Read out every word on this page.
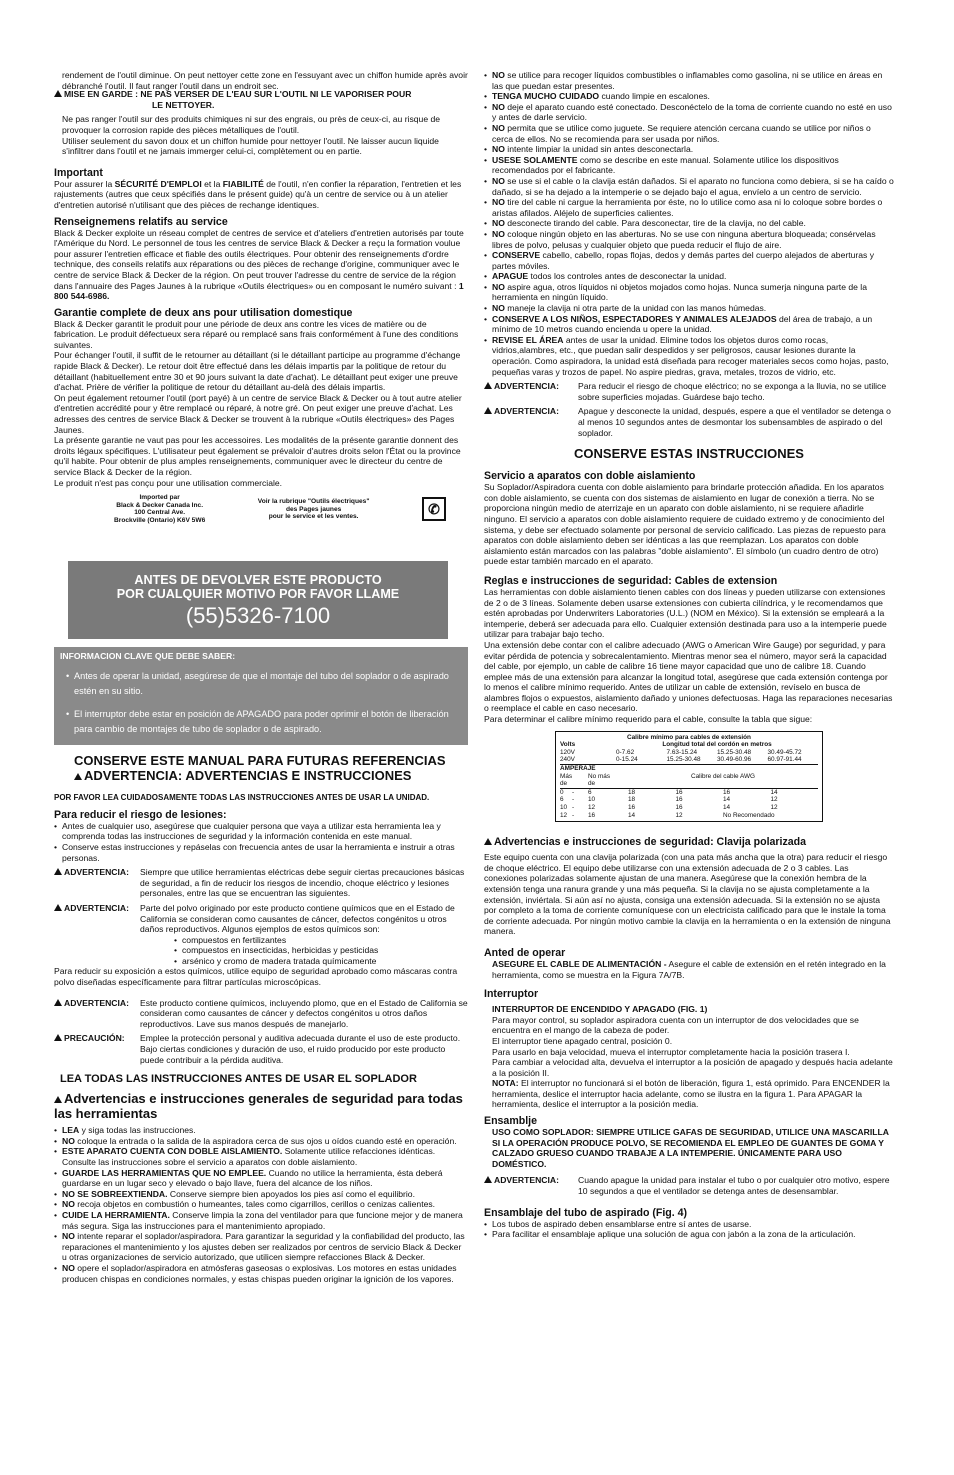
rendement de l'outil diminue. On peut nettoyer cette zone en l'essuyant avec un chiffon humide après avoir débranché l'outil. Il faut ranger l'outil dans un endroit sec.

MISE EN GARDE : NE PAS VERSER DE L'EAU SUR L'OUTIL NI LE VAPORISER POUR

LE NETTOYER.

Ne pas ranger l'outil sur des produits chimiques ni sur des engrais, ou près de ceux-ci, au risque de provoquer la corrosion rapide des pièces métalliques de l'outil.

Utiliser seulement du savon doux et un chiffon humide pour nettoyer l'outil. Ne laisser aucun liquide s'infiltrer dans l'outil et ne jamais immerger celui-ci, complètement ou en partie.

Important

Pour assurer la SÉCURITÉ D'EMPLOI et la FIABILITÉ de l'outil, n'en confier la réparation, l'entretien et les rajustements (autres que ceux spécifiés dans le présent guide) qu'à un centre de service ou à un atelier d'entretien autorisé n'utilisant que des pièces de rechange identiques.

Renseignemens relatifs au service

Black & Decker exploite un réseau complet de centres de service et d'ateliers d'entretien autorisés par toute l'Amérique du Nord. Le personnel de tous les centres de service Black & Decker a reçu la formation voulue pour assurer l'entretien efficace et fiable des outils électriques. Pour obtenir des renseignements d'ordre technique, des conseils relatifs aux réparations ou des pièces de rechange d'origine, communiquer avec le centre de service Black & Decker de la région. On peut trouver l'adresse du centre de service de la région dans l'annuaire des Pages Jaunes à la rubrique «Outils électriques» ou en composant le numéro suivant : 1 800 544-6986.

Garantie complete de deux ans pour utilisation domestique

Black & Decker garantit le produit pour une période de deux ans contre les vices de matière ou de fabrication. Le produit défectueux sera réparé ou remplacé sans frais conformément à l'une des conditions suivantes.

Pour échanger l'outil, il suffit de le retourner au détaillant (si le détaillant participe au programme d'échange rapide Black & Decker). Le retour doit être effectué dans les délais impartis par la politique de retour du détaillant (habituellement entre 30 et 90 jours suivant la date d'achat). Le détaillant peut exiger une preuve d'achat. Prière de vérifier la politique de retour du détaillant au-delà des délais impartis.

On peut également retourner l'outil (port payé) à un centre de service Black & Decker ou à tout autre atelier d'entretien accrédité pour y être remplacé ou réparé, à notre gré. On peut exiger une preuve d'achat. Les adresses des centres de service Black & Decker se trouvent à la rubrique «Outils électriques» des Pages Jaunes.

La présente garantie ne vaut pas pour les accessoires. Les modalités de la présente garantie donnent des droits légaux spécifiques. L'utilisateur peut également se prévaloir d'autres droits selon l'État ou la province qu'il habite. Pour obtenir de plus amples renseignements, communiquer avec le directeur du centre de service Black & Decker de la région.

Le produit n'est pas conçu pour une utilisation commerciale.

Imported par
Black & Decker Canada Inc.
100 Central Ave.
Brockville (Ontario) K6V 5W6
Voir la rubrique "Outils électriques"
des Pages jaunes
pour le service et les ventes.
✆
ANTES DE DEVOLVER ESTE PRODUCTO
POR CUALQUIER MOTIVO POR FAVOR LLAME
(55)5326-7100
INFORMACION CLAVE QUE DEBE SABER:
• Antes de operar la unidad, asegúrese de que el montaje del tubo del soplador o de aspirado estén en su sitio.
• El interruptor debe estar en posición de APAGADO para poder oprimir el botón de liberación para cambio de montajes de tubo de soplador o de aspirado.
CONSERVE ESTE MANUAL PARA FUTURAS REFERENCIAS
ADVERTENCIA: ADVERTENCIAS E INSTRUCCIONES

POR FAVOR LEA CUIDADOSAMENTE TODAS LAS INSTRUCCIONES ANTES DE USAR LA UNIDAD.

Para reducir el riesgo de lesiones:

• Antes de cualquier uso, asegúrese que cualquier persona que vaya a utilizar esta herramienta lea y comprenda todas las instrucciones de seguridad y la información contenida en este manual.
• Conserve estas instrucciones y repáselas con frecuencia antes de usar la herramienta e instruir a otras personas.
ADVERTENCIA:	Siempre que utilice herramientas eléctricas debe seguir ciertas precauciones básicas de seguridad, a fin de reducir los riesgos de incendio, choque eléctrico y lesiones personales, entre las que se encuentran las siguientes.
ADVERTENCIA:	Parte del polvo originado por este producto contiene químicos que en el Estado de California se consideran como causantes de cáncer, defectos congénitos u otros daños reproductivos. Algunos ejemplos de estos químicos son:
• compuestos en fertilizantes
• compuestos en insecticidas, herbicidas y pesticidas
• arsénico y cromo de madera tratada químicamente

Para reducir su exposición a estos químicos, utilice equipo de seguridad aprobado como máscaras contra polvo diseñadas específicamente para filtrar partículas microscópicas.

ADVERTENCIA:	Este producto contiene químicos, incluyendo plomo, que en el Estado de California se consideran como causantes de cáncer y defectos congénitos u otros daños reproductivos. Lave sus manos después de manejarlo.
PRECAUCIÓN:	Emplee la protección personal y auditiva adecuada durante el uso de este producto. Bajo ciertas condiciones y duración de uso, el ruido producido por este producto puede contribuir a la pérdida auditiva.

LEA TODAS LAS INSTRUCCIONES ANTES DE USAR EL SOPLADOR

Advertencias e instrucciones generales de seguridad para todas las herramientas
• LEA y siga todas las instrucciones.
• NO coloque la entrada o la salida de la aspiradora cerca de sus ojos u oídos cuando esté en operación.
• ESTE APARATO CUENTA CON DOBLE AISLAMIENTO. Solamente utilice refacciones idénticas. Consulte las instrucciones sobre el servicio a aparatos con doble aislamiento.
• GUARDE LAS HERRAMIENTAS QUE NO EMPLEE. Cuando no utilice la herramienta, ésta deberá guardarse en un lugar seco y elevado o bajo llave, fuera del alcance de los niños.
• NO SE SOBREEXTIENDA. Conserve siempre bien apoyados los pies así como el equilibrio.
• NO recoja objetos en combustión o humeantes, tales como cigarrillos, cerillos o cenizas calientes.
• CUIDE LA HERRAMIENTA. Conserve limpia la zona del ventilador para que funcione mejor y de manera más segura. Siga las instrucciones para el mantenimiento apropiado.
• NO intente reparar el soplador/aspiradora. Para garantizar la seguridad y la confiabilidad del producto, las reparaciones el mantenimiento y los ajustes deben ser realizados por centros de servicio Black & Decker u otras organizaciones de servicio autorizado, que utilicen siempre refacciones Black & Decker.
• NO opere el soplador/aspiradora en atmósferas gaseosas o explosivas. Los motores en estas unidades producen chispas en condiciones normales, y estas chispas pueden originar la ignición de los vapores.
• NO se utilice para recoger líquidos combustibles o inflamables como gasolina, ni se utilice en áreas en las que puedan estar presentes.
• TENGA MUCHO CUIDADO cuando limpie en escalones.
• NO deje el aparato cuando esté conectado. Desconéctelo de la toma de corriente cuando no esté en uso y antes de darle servicio.
• NO permita que se utilice como juguete. Se requiere atención cercana cuando se utilice por niños o cerca de ellos. No se recomienda para ser usada por niños.
• NO intente limpiar la unidad sin antes desconectarla.
• USESE SOLAMENTE como se describe en este manual. Solamente utilice los dispositivos recomendados por el fabricante.
• NO se use si el cable o la clavija están dañados. Si el aparato no funciona como debiera, si se ha caído o dañado, si se ha dejado a la intemperie o se dejado bajo el agua, envíelo a un centro de servicio.
• NO tire del cable ni cargue la herramienta por éste, no lo utilice como asa ni lo coloque sobre bordes o aristas afilados. Aléjelo de superficies calientes.
• NO desconecte tirando del cable. Para desconectar, tire de la clavija, no del cable.
• NO coloque ningún objeto en las aberturas. No se use con ninguna abertura bloqueada; consérvelas libres de polvo, pelusas y cualquier objeto que pueda reducir el flujo de aire.
• CONSERVE cabello, cabello, ropas flojas, dedos y demás partes del cuerpo alejados de aberturas y partes móviles.
• APAGUE todos los controles antes de desconectar la unidad.
• NO aspire agua, otros líquidos ni objetos mojados como hojas. Nunca sumerja ninguna parte de la herramienta en ningún líquido.
• NO maneje la clavija ni otra parte de la unidad con las manos húmedas.
• CONSERVE A LOS NIÑOS, ESPECTADORES Y ANIMALES ALEJADOS del área de trabajo, a un mínimo de 10 metros cuando encienda u opere la unidad.
• REVISE EL ÁREA antes de usar la unidad. Elimine todos los objetos duros como rocas, vidrios,alambres, etc., que puedan salir despedidos y ser peligrosos, causar lesiones durante la operación. Como aspiradora, la unidad está diseñada para recoger materiales secos como hojas, pasto, pequeñas varas y trozos de papel. No aspire piedras, grava, metales, trozos de vidrio, etc.
ADVERTENCIA:	Para reducir el riesgo de choque eléctrico; no se exponga a la lluvia, no se utilice sobre superficies mojadas. Guárdese bajo techo.
ADVERTENCIA:	Apague y desconecte la unidad, después, espere a que el ventilador se detenga o al menos 10 segundos antes de desmontar los subensambles de aspirado o del soplador.
CONSERVE ESTAS INSTRUCCIONES

Servicio a aparatos con doble aislamiento

Su Soplador/Aspiradora cuenta con doble aislamiento para brindarle protección añadida. En los aparatos con doble aislamiento, se cuenta con dos sistemas de aislamiento en lugar de conexión a tierra. No se proporciona ningún medio de aterrizaje en un aparato con doble aislamiento, ni se requiere añadirle ninguno. El servicio a aparatos con doble aislamiento requiere de cuidado extremo y de conocimiento del sistema, y debe ser efectuado solamente por personal de servicio calificado. Las piezas de repuesto para aparatos con doble aislamiento deben ser idénticas a las que reemplazan. Los aparatos con doble aislamiento están marcados con las palabras "doble aislamiento". El símbolo (un cuadro dentro de otro) puede estar también marcado en el aparato.

Reglas e instrucciones de seguridad: Cables de extension

Las herramientas con doble aislamiento tienen cables con dos líneas y pueden utilizarse con extensiones de 2 o de 3 líneas. Solamente deben usarse extensiones con cubierta cilíndrica, y le recomendamos que estén aprobadas por Underwriters Laboratories (U.L.) (NOM en México). Si la extensión se empleará a la intemperie, deberá ser adecuada para ello. Cualquier extensión destinada para uso a la intemperie puede utilizar para trabajar bajo techo.

Una extensión debe contar con el calibre adecuado (AWG o American Wire Gauge) por seguridad, y para evitar pérdida de potencia y sobrecalentamiento. Mientras menor sea el número, mayor será la capacidad del cable, por ejemplo, un cable de calibre 16 tiene mayor capacidad que uno de calibre 18. Cuando emplee más de una extensión para alcanzar la longitud total, asegúrese que cada extensión contenga por lo menos el calibre mínimo requerido. Antes de utilizar un cable de extensión, revíselo en busca de alambres flojos o expuestos, aislamiento dañado y uniones defectuosas. Haga las reparaciones necesarias o reemplace el cable en caso necesario.

Para determinar el calibre mínimo requerido para el cable, consulte la tabla que sigue:

Calibre mínimo para cables de extensión
Volts	Longitud total del cordón en metros
120V	0-7.62	7.63-15.24	15.25-30.48	30.49-45.72
240V	0-15.24	15.25-30.48	30.49-60.96	60.97-91.44
AMPERAJE
Más	No más	Calibre del cable AWG
de	de
0	-	6	18	16	16	14
6	-	10	18	16	14	12
10 -	12	16	16	14	12
12 -	16	14	12	No Recomendado

Advertencias e instrucciones de seguridad: Clavija polarizada

Este equipo cuenta con una clavija polarizada (con una pata más ancha que la otra) para reducir el riesgo de choque eléctrico. El equipo debe utilizarse con una extensión adecuada de 2 o 3 cables. Las conexiones polarizadas solamente ajustan de una manera. Asegúrese que la conexión hembra de la extensión tenga una ranura grande y una más pequeña. Si la clavija no se ajusta completamente a la extensión, inviértala. Si aún así no ajusta, consiga una extensión adecuada. Si la extensión no se ajusta por completo a la toma de corriente comuníquese con un electricista calificado para que le instale la toma de corriente adecuada. Por ningún motivo cambie la clavija en la herramienta o en la extensión de ninguna manera.

Anted de operar

ASEGURE EL CABLE DE ALIMENTACIÓN - Asegure el cable de extensión en el retén integrado en la herramienta, como se muestra en la Figura 7A/7B.

Interruptor

INTERRUPTOR DE ENCENDIDO Y APAGADO (FIG. 1)

Para mayor control, su soplador aspiradora cuenta con un interruptor de dos velocidades que se encuentra en el mango de la cabeza de poder.

El interruptor tiene apagado central, posición 0.

Para usarlo en baja velocidad, mueva el interruptor completamente hacia la posición trasera I.

Para cambiar a velocidad alta, devuelva el interruptor a la posición de apagado y después hacia adelante a la posición II.

NOTA: El interruptor no funcionará si el botón de liberación, figura 1, está oprimido. Para ENCENDER la herramienta, deslice el interruptor hacia adelante, como se ilustra en la figura 1. Para APAGAR la herramienta, deslice el interruptor a la posición media.

Ensamblje

USO COMO SOPLADOR: SIEMPRE UTILICE GAFAS DE SEGURIDAD, UTILICE UNA MASCARILLA SI LA OPERACIÓN PRODUCE POLVO, SE RECOMIENDA EL EMPLEO DE GUANTES DE GOMA Y CALZADO GRUESO CUANDO TRABAJE A LA INTEMPERIE. ÚNICAMENTE PARA USO DOMÉSTICO.

ADVERTENCIA:	Cuando apague la unidad para instalar el tubo o por cualquier otro motivo, espere 10 segundos a que el ventilador se detenga antes de desensamblar.

Ensamblaje del tubo de aspirado (Fig. 4)

• Los tubos de aspirado deben ensamblarse entre sí antes de usarse.
• Para facilitar el ensamblaje aplique una solución de agua con jabón a la zona de la articulación.
